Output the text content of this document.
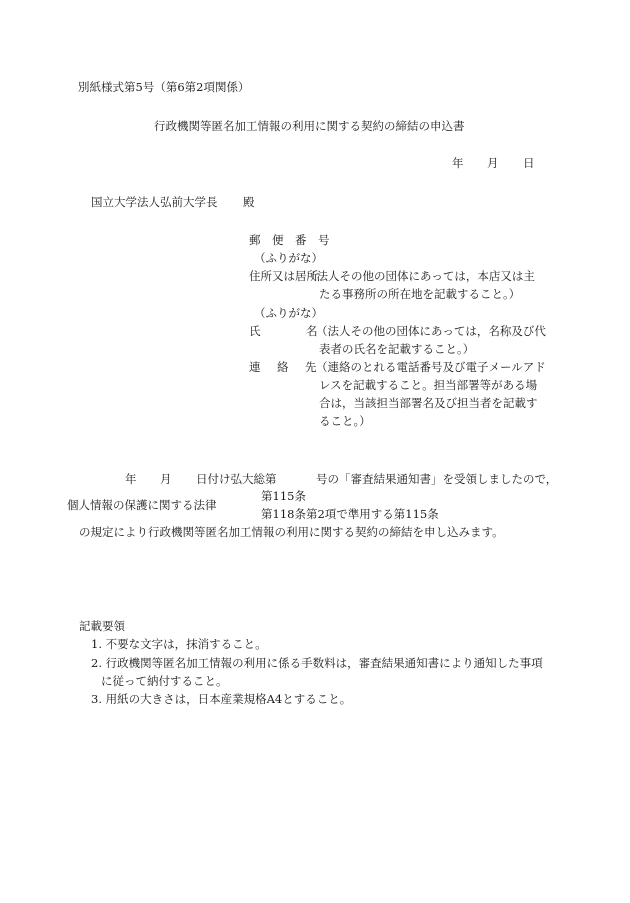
別紙様式第5号（第6第2項関係）
行政機関等匿名加工情報の利用に関する契約の締結の申込書
年 月 日
国立大学法人弘前大学長 殿
郵　便　番　号
（ふりがな）
住所又は居所
（法人その他の団体にあっては，本店又は主
たる事務所の所在地を記載すること。）
（ふりがな）
氏	名
（法人その他の団体にあっては，名称及び代
表者の氏名を記載すること。）
連 絡 先 （連絡のとれる電話番号及び電子メールアド
レスを記載すること。担当部署等がある場
合は，当該担当部署名及び担当者を記載す
ること。）
年 月 日付け弘大総第	号の「審査結果通知書」を受領しましたので，
第115条
個人情報の保護に関する法律
第118条第2項で準用する第115条
の規定により行政機関等匿名加工情報の利用に関する契約の締結を申し込みます。
記載要領
1. 不要な文字は，抹消すること。
2. 行政機関等匿名加工情報の利用に係る手数料は，審査結果通知書により通知した事項
に従って納付すること。
3. 用紙の大きさは，日本産業規格A4とすること。
